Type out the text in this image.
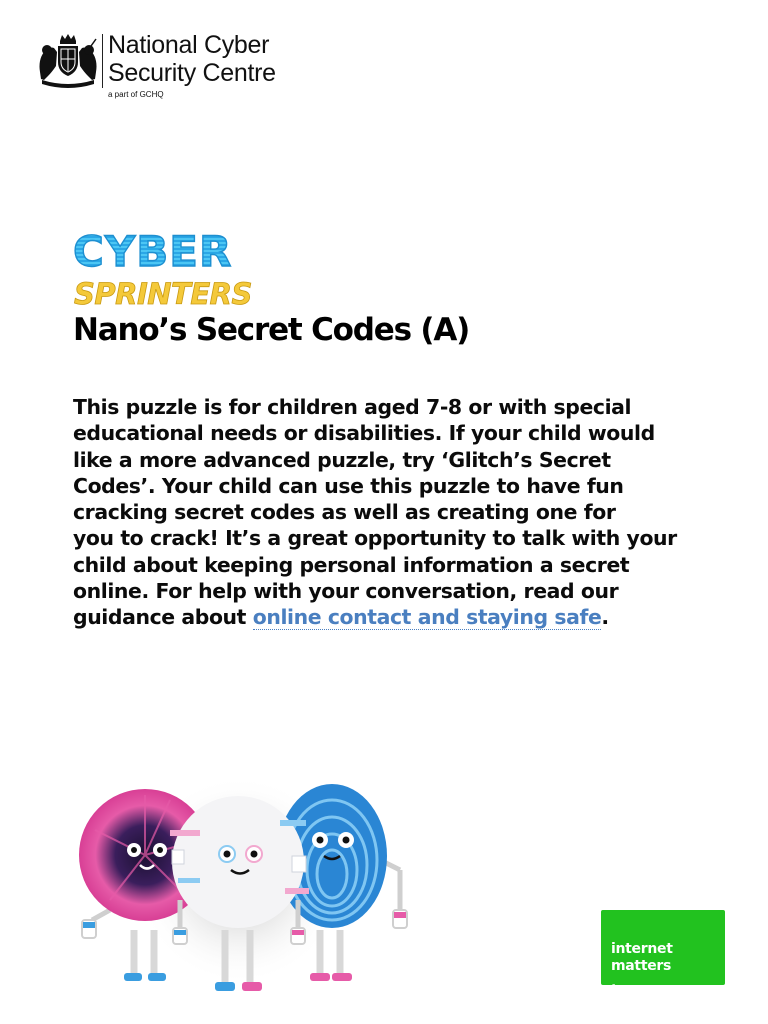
National Cyber
Security Centre
a part of GCHQ
CYBER
SPRINTERS
Nano’s Secret Codes (A)

This puzzle is for children aged 7-8 or with special
educational needs or disabilities. If your child would
like a more advanced puzzle, try ‘Glitch’s Secret
Codes’. Your child can use this puzzle to have fun
cracking secret codes as well as creating one for
you to crack! It’s a great opportunity to talk with your
child about keeping personal information a secret
online. For help with your conversation, read our
guidance about online contact and staying safe.

internet
matters
.
org
